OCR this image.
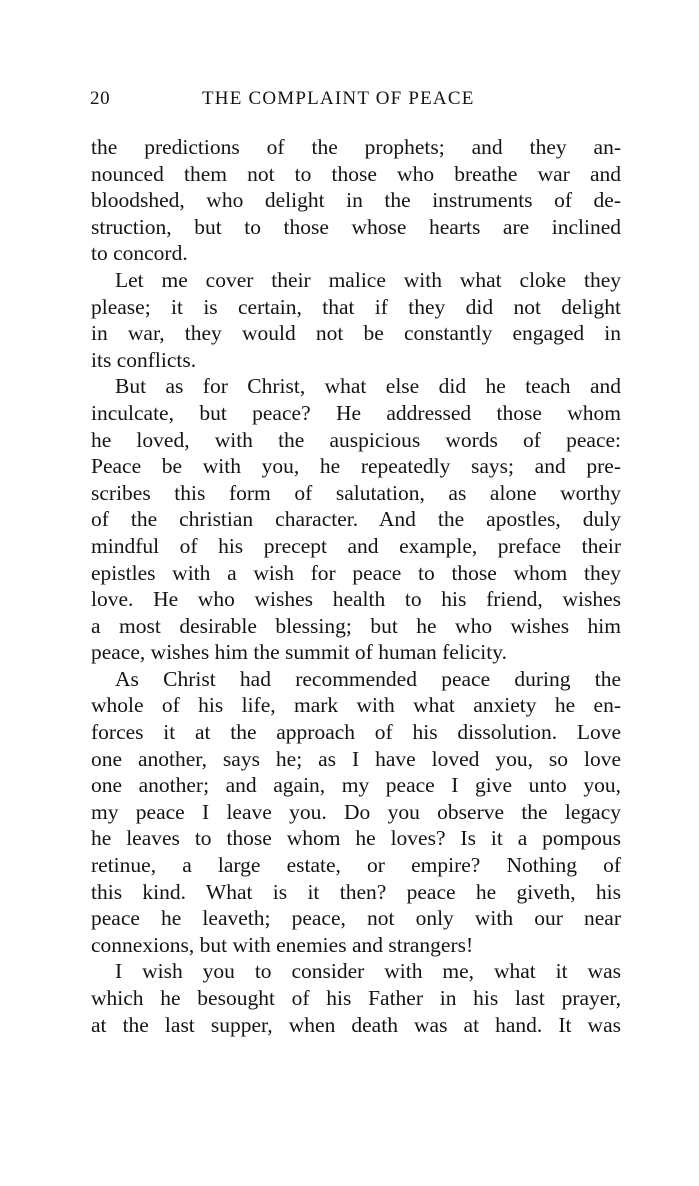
20	THE COMPLAINT OF PEACE
the predictions of the prophets; and they an-
nounced them not to those who breathe war and
bloodshed, who delight in the instruments of de-
struction, but to those whose hearts are inclined
to concord.
Let me cover their malice with what cloke they
please; it is certain, that if they did not delight
in war, they would not be constantly engaged in
its conflicts.
But as for Christ, what else did he teach and
inculcate, but peace? He addressed those whom
he loved, with the auspicious words of peace:
Peace be with you, he repeatedly says; and pre-
scribes this form of salutation, as alone worthy
of the christian character. And the apostles, duly
mindful of his precept and example, preface their
epistles with a wish for peace to those whom they
love. He who wishes health to his friend, wishes
a most desirable blessing; but he who wishes him
peace, wishes him the summit of human felicity.
As Christ had recommended peace during the
whole of his life, mark with what anxiety he en-
forces it at the approach of his dissolution. Love
one another, says he; as I have loved you, so love
one another; and again, my peace I give unto you,
my peace I leave you. Do you observe the legacy
he leaves to those whom he loves? Is it a pompous
retinue, a large estate, or empire? Nothing of
this kind. What is it then? peace he giveth, his
peace he leaveth; peace, not only with our near
connexions, but with enemies and strangers!
I wish you to consider with me, what it was
which he besought of his Father in his last prayer,
at the last supper, when death was at hand. It was
